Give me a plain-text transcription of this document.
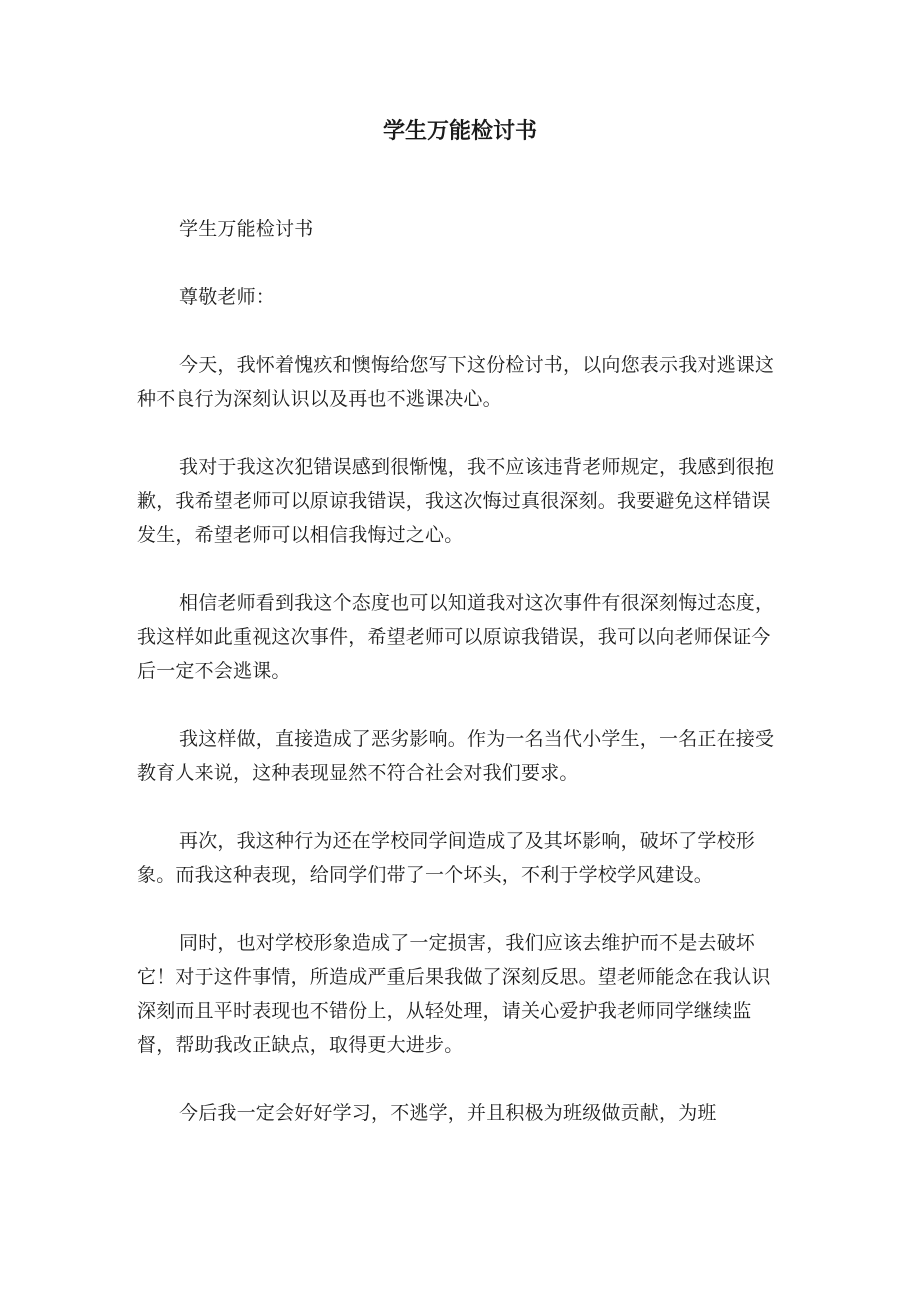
学生万能检讨书

学生万能检讨书

尊敬老师：

今天，我怀着愧疚和懊悔给您写下这份检讨书，以向您表示我对逃课这种不良行为深刻认识以及再也不逃课决心。

我对于我这次犯错误感到很惭愧，我不应该违背老师规定，我感到很抱歉，我希望老师可以原谅我错误，我这次悔过真很深刻。我要避免这样错误发生，希望老师可以相信我悔过之心。

相信老师看到我这个态度也可以知道我对这次事件有很深刻悔过态度，我这样如此重视这次事件，希望老师可以原谅我错误，我可以向老师保证今后一定不会逃课。

我这样做，直接造成了恶劣影响。作为一名当代小学生，一名正在接受教育人来说，这种表现显然不符合社会对我们要求。

再次，我这种行为还在学校同学间造成了及其坏影响，破坏了学校形象。而我这种表现，给同学们带了一个坏头，不利于学校学风建设。

同时，也对学校形象造成了一定损害，我们应该去维护而不是去破坏它！对于这件事情，所造成严重后果我做了深刻反思。望老师能念在我认识深刻而且平时表现也不错份上，从轻处理，请关心爱护我老师同学继续监督，帮助我改正缺点，取得更大进步。

今后我一定会好好学习，不逃学，并且积极为班级做贡献，为班
